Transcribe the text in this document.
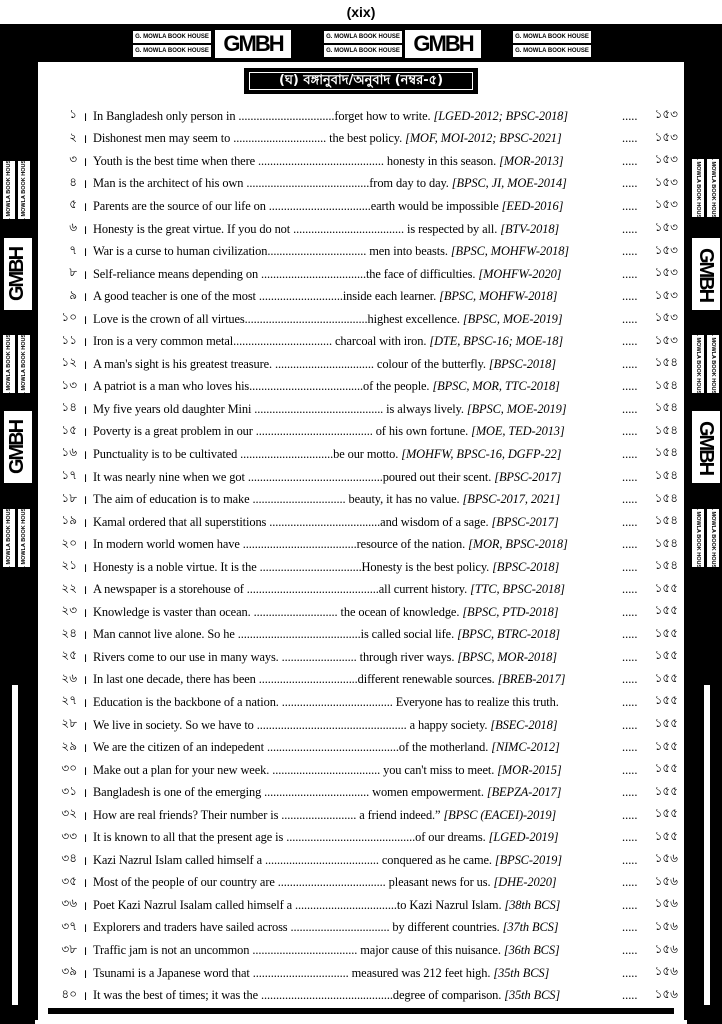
(xix)
G. MOWLA BOOK HOUSE
G. MOWLA BOOK HOUSE GMBH	G. MOWLA BOOK HOUSE
G. MOWLA BOOK HOUSE GMBH	G. MOWLA BOOK HOUSE
G. MOWLA BOOK HOUSE
G. MOWLA BOOK HOUSE G. MOWLA BOOK HOUSE
GMBH
G. MOWLA BOOK HOUSE G. MOWLA BOOK HOUSE
GMBH
G. MOWLA BOOK HOUSE G. MOWLA BOOK HOUSE
G. MOWLA BOOK HOUSE G. MOWLA BOOK HOUSE
GMBH
G. MOWLA BOOK HOUSE G. MOWLA BOOK HOUSE
GMBH
G. MOWLA BOOK HOUSE G. MOWLA BOOK HOUSE
(ঘ) বঙ্গানুবাদ/অনুবাদ (নম্বর-৫)
১ । In Bangladesh only person in ................................forget how to write. [LGED-2012; BPSC-2018]	.....	১৫৩
২ । Dishonest men may seem to ............................... the best policy. [MOF, MOI-2012; BPSC-2021]	.....	১৫৩
৩ । Youth is the best time when there .......................................... honesty in this season. [MOR-2013]	.....	১৫৩
৪ । Man is the architect of his own .........................................from day to day. [BPSC, JI, MOE-2014]	.....	১৫৩
৫ । Parents are the source of our life on ..................................earth would be impossible [EED-2016]	.....	১৫৩
৬ । Honesty is the great virtue. If you do not ..................................... is respected by all. [BTV-2018]	.....	১৫৩
৭ । War is a curse to human civilization................................. men into beasts. [BPSC, MOHFW-2018]	.....	১৫৩
৮ । Self-reliance means depending on ...................................the face of difficulties. [MOHFW-2020]	.....	১৫৩
৯ । A good teacher is one of the most ............................inside each learner. [BPSC, MOHFW-2018]	.....	১৫৩
১০ । Love is the crown of all virtues.........................................highest excellence. [BPSC, MOE-2019]	.....	১৫৩
১১ । Iron is a very common metal................................. charcoal with iron. [DTE, BPSC-16; MOE-18]	.....	১৫৩
১২ । A man's sight is his greatest treasure. ................................. colour of the butterfly. [BPSC-2018]	.....	১৫৪
১৩ । A patriot is a man who loves his......................................of the people. [BPSC, MOR, TTC-2018]	.....	১৫৪
১৪ । My five years old daughter Mini ........................................... is always lively. [BPSC, MOE-2019]	.....	১৫৪
১৫ । Poverty is a great problem in our ....................................... of his own fortune. [MOE, TED-2013]	.....	১৫৪
১৬ । Punctuality is to be cultivated ...............................be our motto. [MOHFW, BPSC-16, DGFP-22]	.....	১৫৪
১৭ । It was nearly nine when we got .............................................poured out their scent. [BPSC-2017]	.....	১৫৪
১৮ । The aim of education is to make ............................... beauty, it has no value. [BPSC-2017, 2021]	.....	১৫৪
১৯ । Kamal ordered that all superstitions .....................................and wisdom of a sage. [BPSC-2017]	.....	১৫৪
২০ । In modern world women have ......................................resource of the nation. [MOR, BPSC-2018]	.....	১৫৪
২১ । Honesty is a noble virtue. It is the ..................................Honesty is the best policy. [BPSC-2018]	.....	১৫৪
২২ । A newspaper is a storehouse of ............................................all current history. [TTC, BPSC-2018]	.....	১৫৫
২৩ । Knowledge is vaster than ocean. ............................ the ocean of knowledge. [BPSC, PTD-2018]	.....	১৫৫
২৪ । Man cannot live alone. So he .........................................is called social life. [BPSC, BTRC-2018]	.....	১৫৫
২৫ । Rivers come to our use in many ways. ......................... through river ways. [BPSC, MOR-2018]	.....	১৫৫
২৬ । In last one decade, there has been .................................different renewable sources. [BREB-2017]	.....	১৫৫
২৭ । Education is the backbone of a nation. ..................................... Everyone has to realize this truth.	.....	১৫৫
২৮ । We live in society. So we have to .................................................. a happy society. [BSEC-2018]	.....	১৫৫
২৯ । We are the citizen of an indepedent ............................................of the motherland. [NIMC-2012]	.....	১৫৫
৩০ । Make out a plan for your new week. .................................... you can't miss to meet. [MOR-2015]	.....	১৫৫
৩১ । Bangladesh is one of the emerging ................................... women empowerment. [BEPZA-2017]	.....	১৫৫
৩২ । How are real friends? Their number is ......................... a friend indeed.” [BPSC (EACEI)-2019]	.....	১৫৫
৩৩ । It is known to all that the present age is ...........................................of our dreams. [LGED-2019]	.....	১৫৫
৩৪ । Kazi Nazrul Islam called himself a ...................................... conquered as he came. [BPSC-2019]	.....	১৫৬
৩৫ । Most of the people of our country are .................................... pleasant news for us. [DHE-2020]	.....	১৫৬
৩৬ । Poet Kazi Nazrul Isalam called himself a ..................................to Kazi Nazrul Islam. [38th BCS]	.....	১৫৬
৩৭ । Explorers and traders have sailed across ................................. by different countries. [37th BCS]	.....	১৫৬
৩৮ । Traffic jam is not an uncommon ................................... major cause of this nuisance. [36th BCS]	.....	১৫৬
৩৯ । Tsunami is a Japanese word that ................................ measured was 212 feet high. [35th BCS]	.....	১৫৬
৪০ । It was the best of times; it was the ............................................degree of comparison. [35th BCS]	.....	১৫৬
